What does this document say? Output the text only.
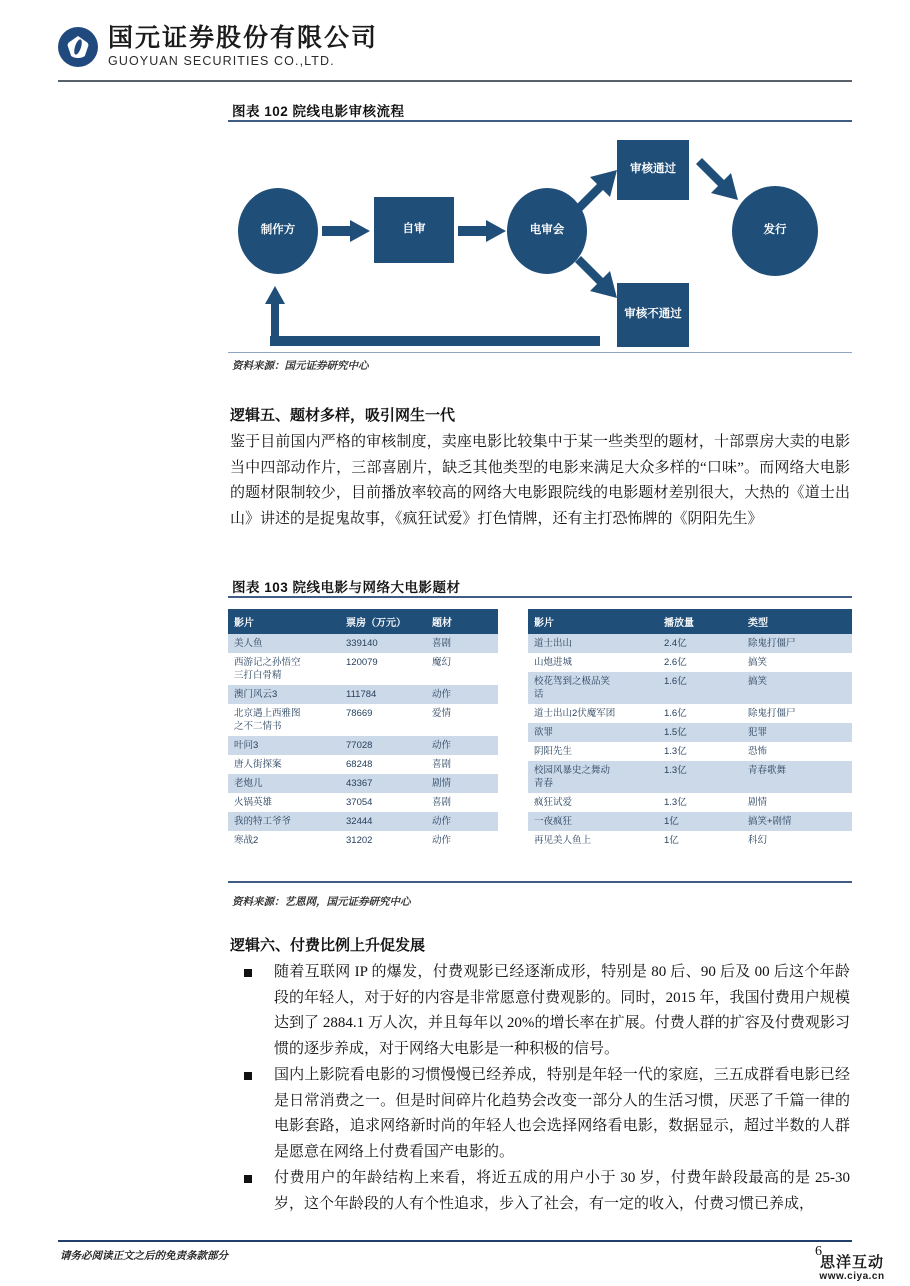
国元证券股份有限公司
GUOYUAN SECURITIES CO.,LTD.
图表 102 院线电影审核流程
制作方	自审	电审会
审核通过
发行
审核不通过
资料来源：国元证券研究中心
逻辑五、题材多样，吸引网生一代
鉴于目前国内严格的审核制度，卖座电影比较集中于某一些类型的题材，十部票房大卖的电影当中四部动作片，三部喜剧片，缺乏其他类型的电影来满足大众多样的“口味”。而网络大电影的题材限制较少，目前播放率较高的网络大电影跟院线的电影题材差别很大，大热的《道士出山》讲述的是捉鬼故事，《疯狂试爱》打色情牌，还有主打恐怖牌的《阴阳先生》
图表 103 院线电影与网络大电影题材
影片	票房（万元）	题材
美人鱼	339140	喜剧
西游记之孙悟空
三打白骨精	120079	魔幻
澳门风云3	111784	动作
北京遇上西雅图
之不二情书	78669	爱情
叶问3	77028	动作
唐人街探案	68248	喜剧
老炮儿	43367	剧情
火锅英雄	37054	喜剧
我的特工爷爷	32444	动作
寒战2	31202	动作
影片	播放量	类型
道士出山	2.4亿	除鬼打僵尸
山炮进城	2.6亿	搞笑
校花驾到之极品笑
话	1.6亿	搞笑
道士出山2伏魔军团	1.6亿	除鬼打僵尸
欲罪	1.5亿	犯罪
阴阳先生	1.3亿	恐怖
校园风暴史之舞动
青春	1.3亿	青春歌舞
疯狂试爱	1.3亿	剧情
一夜疯狂	1亿	搞笑+剧情
再见美人鱼上	1亿	科幻
资料来源：艺恩网，国元证券研究中心
逻辑六、付费比例上升促发展
随着互联网 IP 的爆发，付费观影已经逐渐成形，特别是 80 后、90 后及 00 后这个年龄段的年轻人，对于好的内容是非常愿意付费观影的。同时，2015 年，我国付费用户规模达到了 2884.1 万人次，并且每年以 20%的增长率在扩展。付费人群的扩容及付费观影习惯的逐步养成，对于网络大电影是一种积极的信号。
国内上影院看电影的习惯慢慢已经养成，特别是年轻一代的家庭，三五成群看电影已经是日常消费之一。但是时间碎片化趋势会改变一部分人的生活习惯，厌恶了千篇一律的电影套路，追求网络新时尚的年轻人也会选择网络看电影，数据显示，超过半数的人群是愿意在网络上付费看国产电影的。
付费用户的年龄结构上来看，将近五成的用户小于 30 岁，付费年龄段最高的是 25-30 岁，这个年龄段的人有个性追求，步入了社会，有一定的收入，付费习惯已养成，
请务必阅读正文之后的免责条款部分	6
思洋互动
www.ciya.cn
